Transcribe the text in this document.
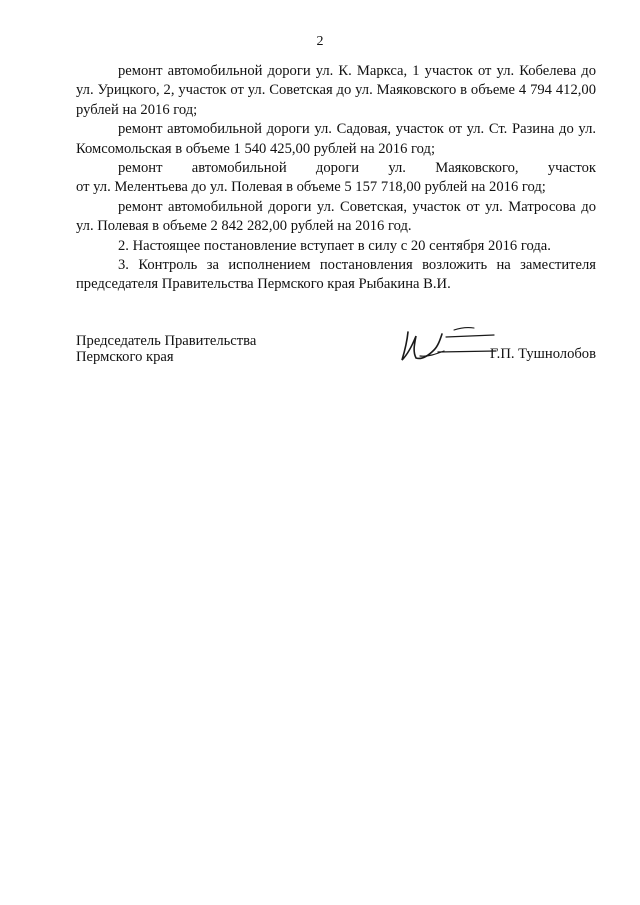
2

ремонт автомобильной дороги ул. К. Маркса, 1 участок от ул. Кобелева до ул. Урицкого, 2, участок от ул. Советская до ул. Маяковского в объеме 4 794 412,00 рублей на 2016 год;

ремонт автомобильной дороги ул. Садовая, участок от ул. Ст. Разина до ул. Комсомольская в объеме 1 540 425,00 рублей на 2016 год;

ремонт автомобильной дороги ул. Маяковского, участок

от ул. Мелентьева до ул. Полевая в объеме 5 157 718,00 рублей на 2016 год;

ремонт автомобильной дороги ул. Советская, участок от ул. Матросова до ул. Полевая в объеме 2 842 282,00 рублей на 2016 год.

2. Настоящее постановление вступает в силу с 20 сентября 2016 года.

3. Контроль за исполнением постановления возложить на заместителя председателя Правительства Пермского края Рыбакина В.И.

Председатель Правительства
Пермского края	Г.П. Тушнолобов
